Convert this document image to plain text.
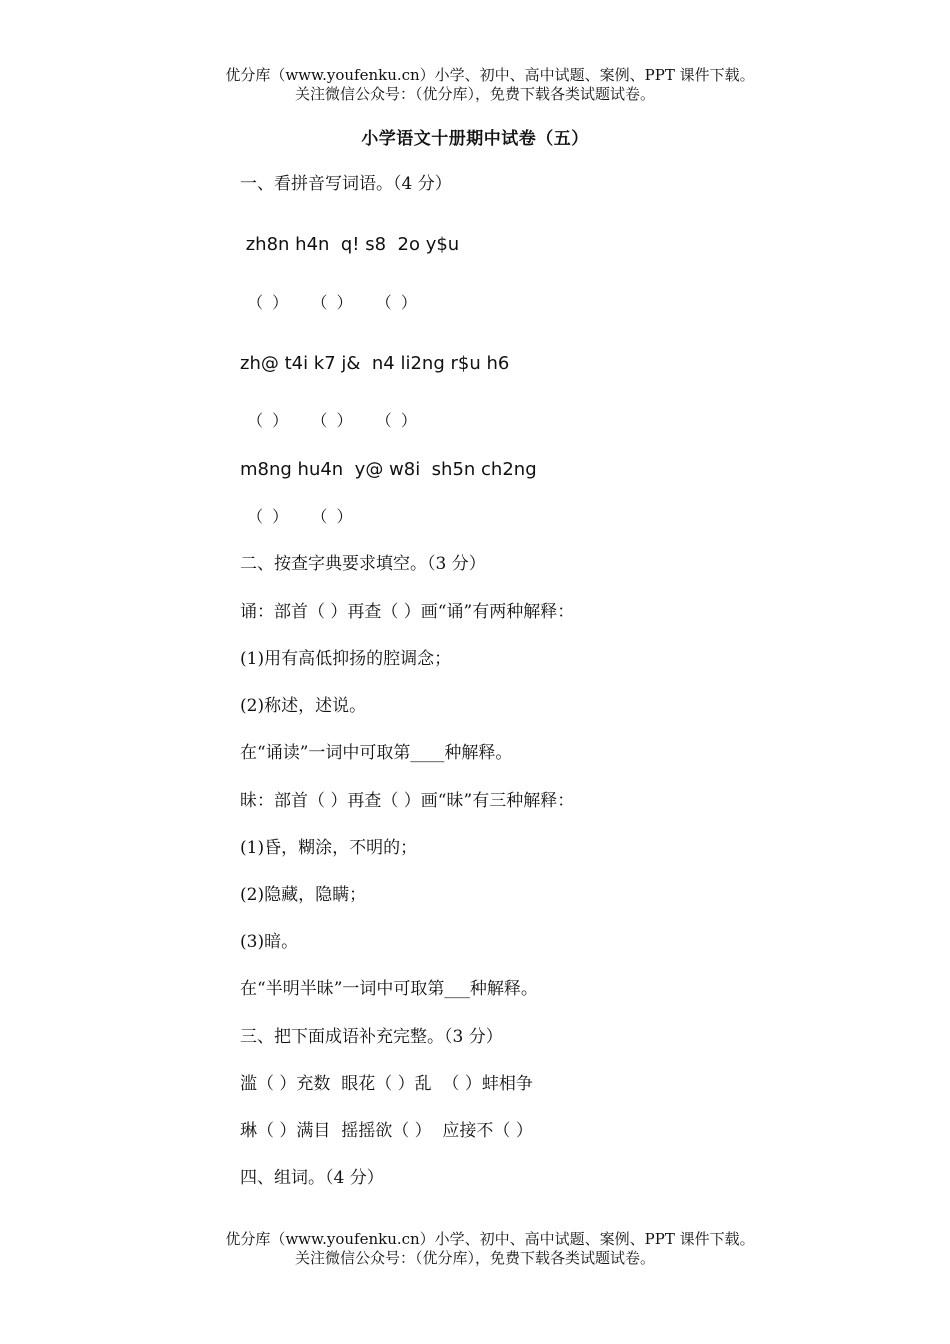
优分库（www.youfenku.cn）小学、初中、高中试题、案例、PPT 课件下载。
关注微信公众号：（优分库），免费下载各类试题试卷。
小学语文十册期中试卷（五）
一、看拼音写词语。（4 分）
zh8n h4n  q! s8  2o y$u
（ ）   （ ）   （ ）
zh@ t4i k7 j&  n4 li2ng r$u h6
（ ）   （ ）   （ ）
m8ng hu4n  y@ w8i  sh5n ch2ng
（ ）   （ ）
二、按查字典要求填空。（3 分）
诵：部首（ ）再查（ ）画“诵”有两种解释：
(1)用有高低抑扬的腔调念；
(2)称述，述说。
在“诵读”一词中可取第____种解释。
昧：部首（ ）再查（ ）画“昧”有三种解释：
(1)昏，糊涂，不明的；
(2)隐藏，隐瞒；
(3)暗。
在“半明半昧”一词中可取第___种解释。
三、把下面成语补充完整。（3 分）
滥（ ）充数  眼花（ ）乱  （ ）蚌相争
琳（ ）满目  摇摇欲（ ）  应接不（ ）
四、组词。（4 分）
优分库（www.youfenku.cn）小学、初中、高中试题、案例、PPT 课件下载。
关注微信公众号：（优分库），免费下载各类试题试卷。
